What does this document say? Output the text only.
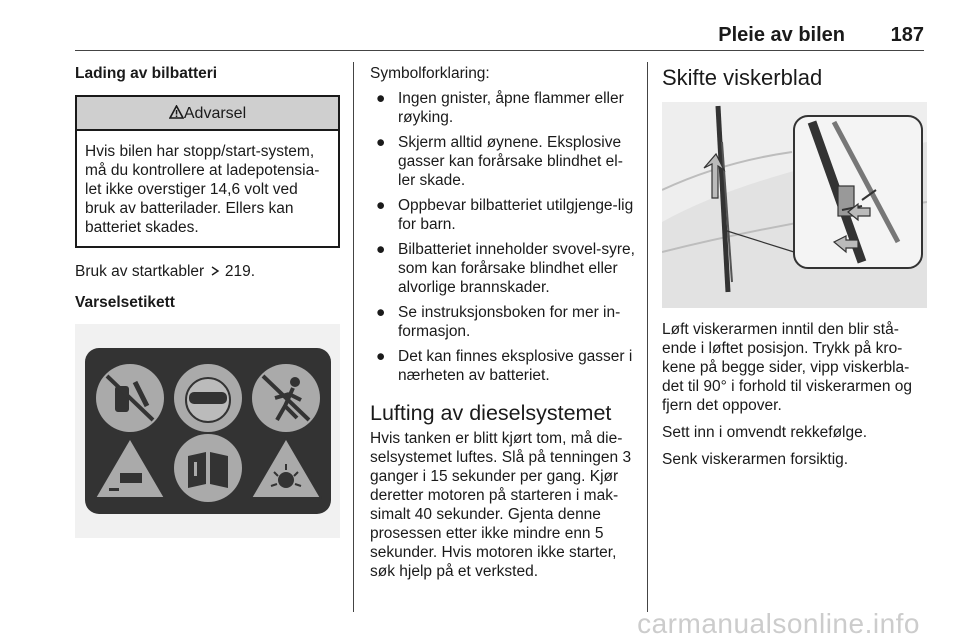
Pleie av bilen 187

Lading av bilbatteri

Advarsel
Hvis bilen har stopp/start-system, må du kontrollere at ladepotensia-let ikke overstiger 14,6 volt ved bruk av batterilader. Ellers kan batteriet skades.

Bruk av startkabler 219.

Varselsetikett

Symbolforklaring:

● Ingen gnister, åpne flammer eller røyking.
● Skjerm alltid øynene. Eksplosive gasser kan forårsake blindhet el-ler skade.
● Oppbevar bilbatteriet utilgjenge-lig for barn.
● Bilbatteriet inneholder svovel-syre, som kan forårsake blindhet eller alvorlige brannskader.
● Se instruksjonsboken for mer in-formasjon.
● Det kan finnes eksplosive gasser i nærheten av batteriet.

Lufting av dieselsystemet

Hvis tanken er blitt kjørt tom, må die-selsystemet luftes. Slå på tenningen 3 ganger i 15 sekunder per gang. Kjør deretter motoren på starteren i mak-simalt 40 sekunder. Gjenta denne prosessen etter ikke mindre enn 5 sekunder. Hvis motoren ikke starter, søk hjelp på et verksted.

Skifte viskerblad

Løft viskerarmen inntil den blir stå-ende i løftet posisjon. Trykk på kro-kene på begge sider, vipp viskerbla-det til 90° i forhold til viskerarmen og fjern det oppover.

Sett inn i omvendt rekkefølge.

Senk viskerarmen forsiktig.

carmanualsonline.info
